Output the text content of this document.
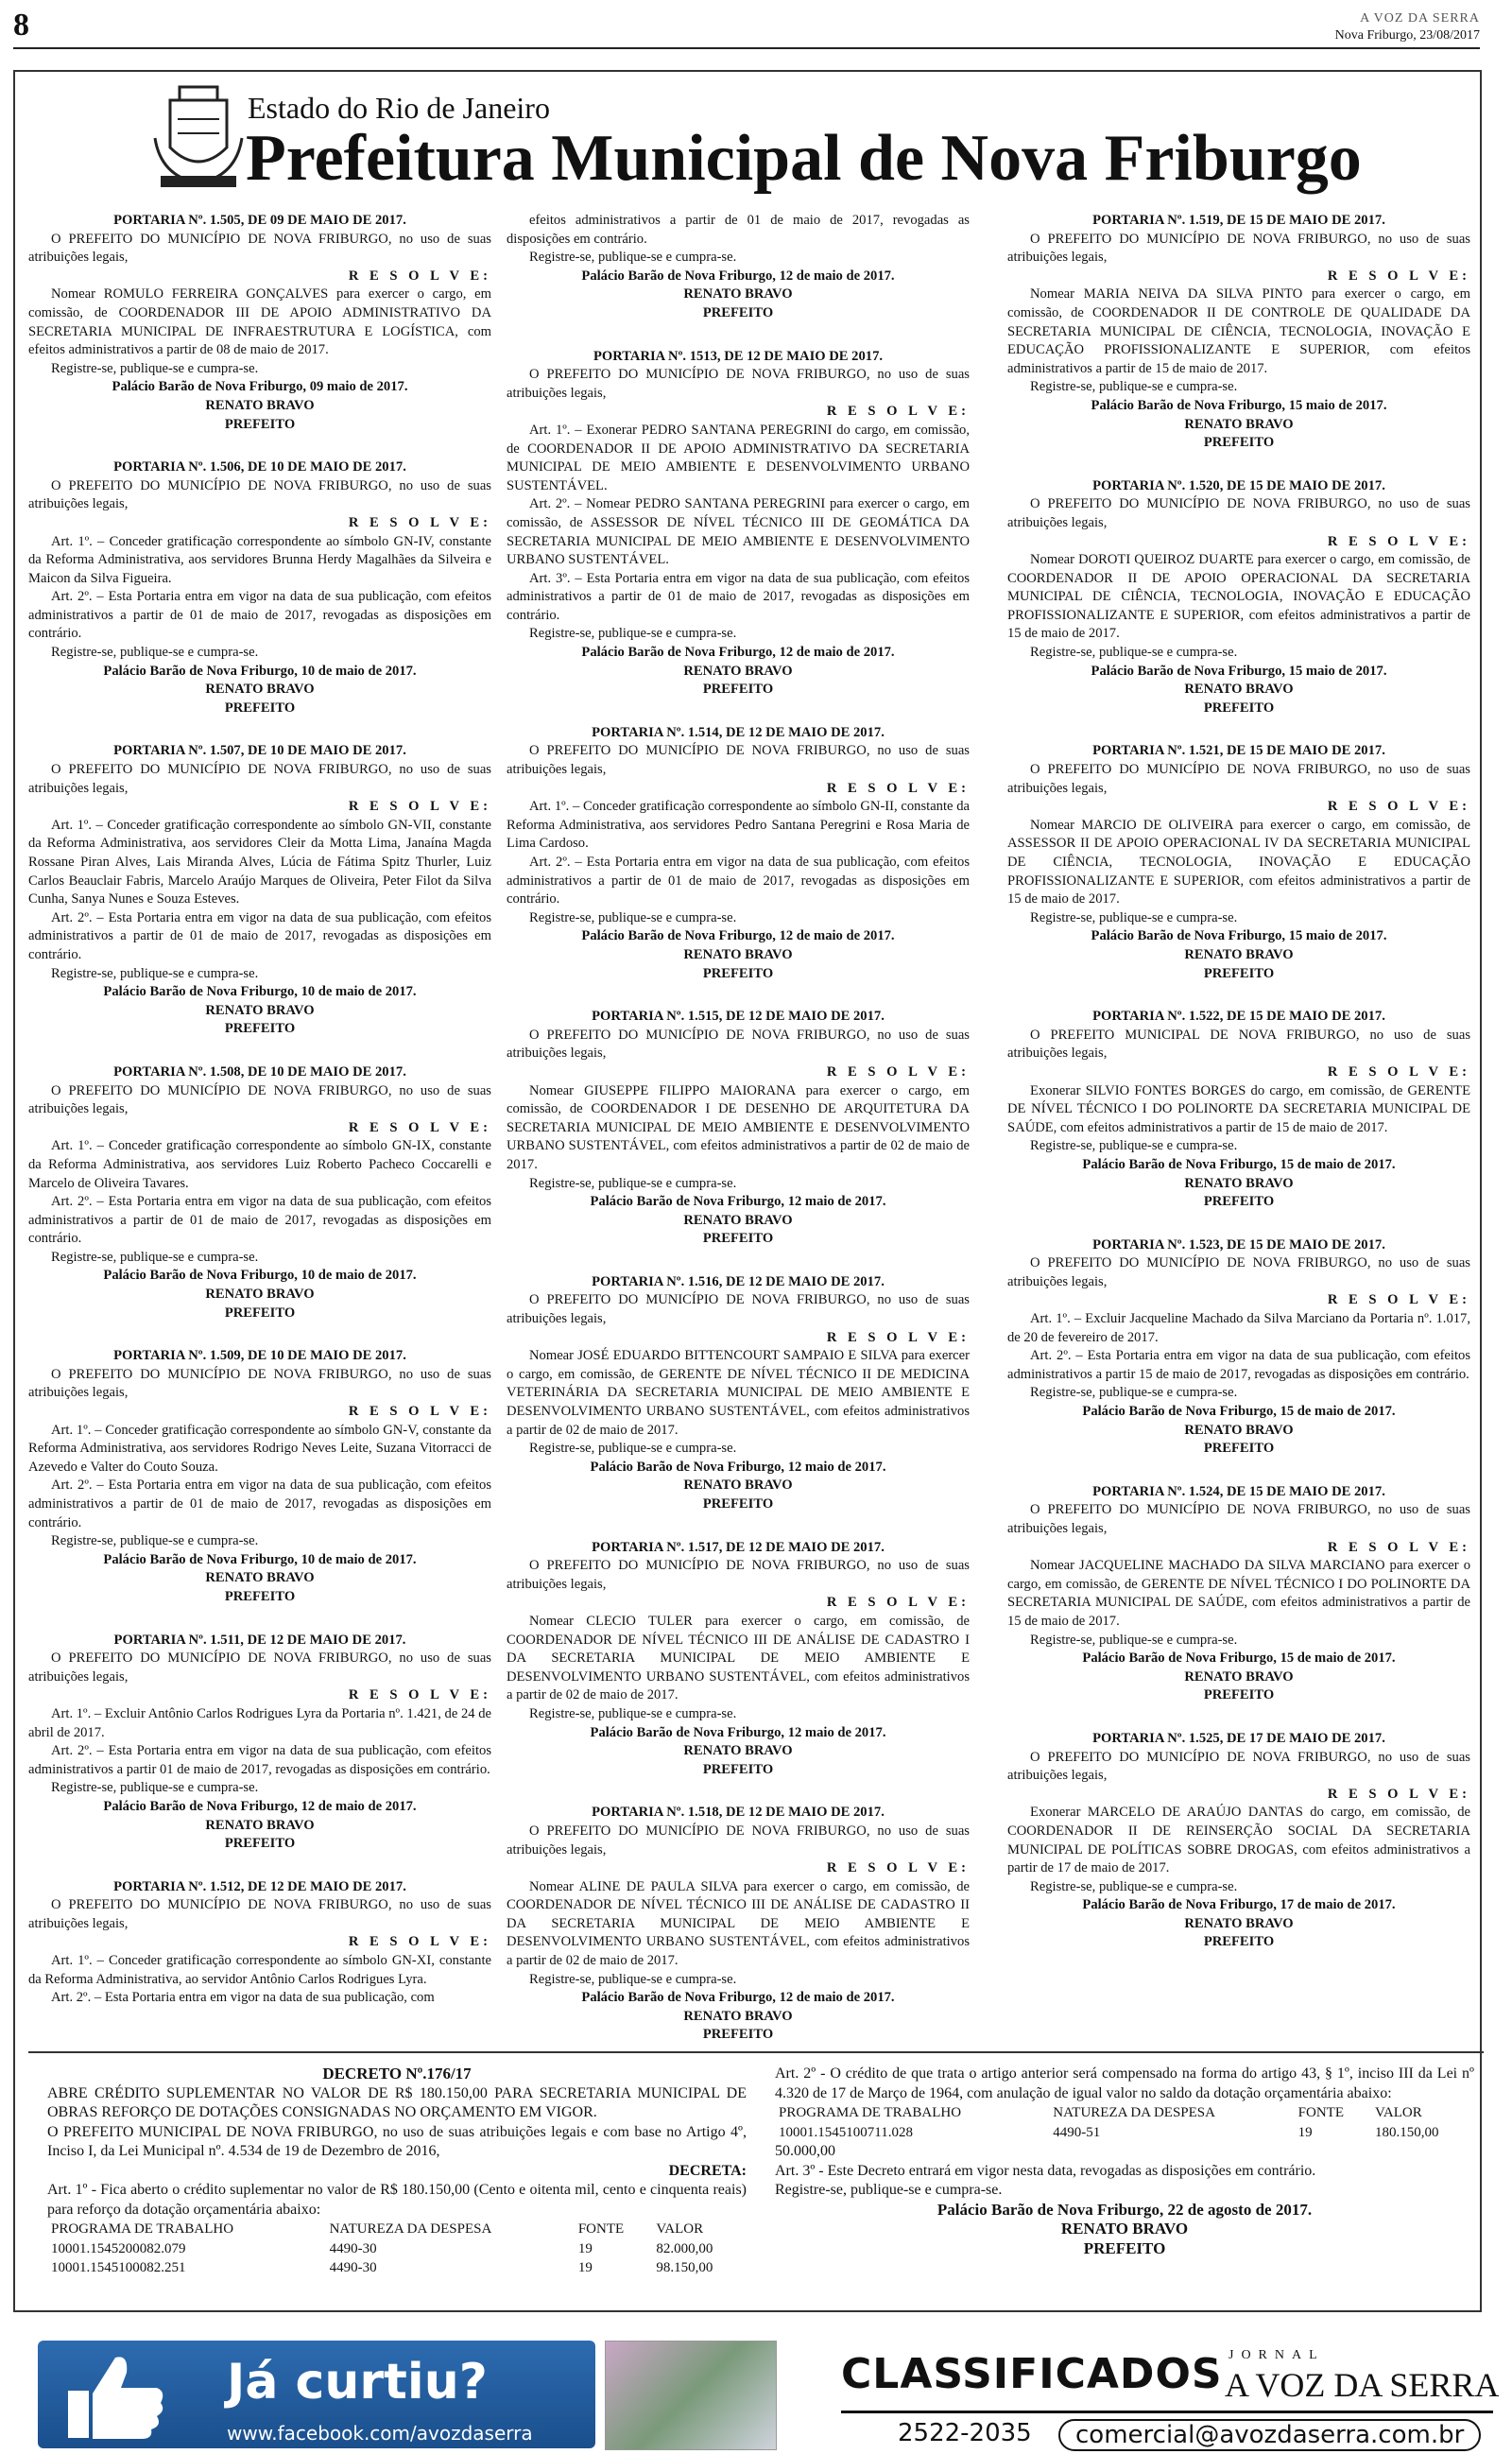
8	A VOZ DA SERRA
Nova Friburgo, 23/08/2017
Estado do Rio de Janeiro
Prefeitura Municipal de Nova Friburgo
PORTARIA Nº. 1.505, DE 09 DE MAIO DE 2017.

O PREFEITO DO MUNICÍPIO DE NOVA FRIBURGO, no uso de suas atribuições legais,

R E S O L V E:

Nomear ROMULO FERREIRA GONÇALVES para exercer o cargo, em comissão, de COORDENADOR III DE APOIO ADMINISTRATIVO DA SECRETARIA MUNICIPAL DE INFRAESTRUTURA E LOGÍSTICA, com efeitos administrativos a partir de 08 de maio de 2017.

Registre-se, publique-se e cumpra-se.

Palácio Barão de Nova Friburgo, 09 maio de 2017.
RENATO BRAVO
PREFEITO
PORTARIA Nº. 1.506, DE 10 DE MAIO DE 2017.

O PREFEITO DO MUNICÍPIO DE NOVA FRIBURGO, no uso de suas atribuições legais,

R E S O L V E:

Art. 1º. – Conceder gratificação correspondente ao símbolo GN-IV, constante da Reforma Administrativa, aos servidores Brunna Herdy Magalhães da Silveira e Maicon da Silva Figueira.

Art. 2º. – Esta Portaria entra em vigor na data de sua publicação, com efeitos administrativos a partir de 01 de maio de 2017, revogadas as disposições em contrário.

Registre-se, publique-se e cumpra-se.

Palácio Barão de Nova Friburgo, 10 de maio de 2017.
RENATO BRAVO
PREFEITO
PORTARIA Nº. 1.507, DE 10 DE MAIO DE 2017.

O PREFEITO DO MUNICÍPIO DE NOVA FRIBURGO, no uso de suas atribuições legais,

R E S O L V E:

Art. 1º. – Conceder gratificação correspondente ao símbolo GN-VII, constante da Reforma Administrativa, aos servidores Cleir da Motta Lima, Janaína Magda Rossane Piran Alves, Lais Miranda Alves, Lúcia de Fátima Spitz Thurler, Luiz Carlos Beauclair Fabris, Marcelo Araújo Marques de Oliveira, Peter Filot da Silva Cunha, Sanya Nunes e Souza Esteves.

Art. 2º. – Esta Portaria entra em vigor na data de sua publicação, com efeitos administrativos a partir de 01 de maio de 2017, revogadas as disposições em contrário.

Registre-se, publique-se e cumpra-se.

Palácio Barão de Nova Friburgo, 10 de maio de 2017.
RENATO BRAVO
PREFEITO
PORTARIA Nº. 1.508, DE 10 DE MAIO DE 2017.

O PREFEITO DO MUNICÍPIO DE NOVA FRIBURGO, no uso de suas atribuições legais,

R E S O L V E:

Art. 1º. – Conceder gratificação correspondente ao símbolo GN-IX, constante da Reforma Administrativa, aos servidores Luiz Roberto Pacheco Coccarelli e Marcelo de Oliveira Tavares.

Art. 2º. – Esta Portaria entra em vigor na data de sua publicação, com efeitos administrativos a partir de 01 de maio de 2017, revogadas as disposições em contrário.

Registre-se, publique-se e cumpra-se.

Palácio Barão de Nova Friburgo, 10 de maio de 2017.
RENATO BRAVO
PREFEITO
PORTARIA Nº. 1.509, DE 10 DE MAIO DE 2017.

O PREFEITO DO MUNICÍPIO DE NOVA FRIBURGO, no uso de suas atribuições legais,

R E S O L V E:

Art. 1º. – Conceder gratificação correspondente ao símbolo GN-V, constante da Reforma Administrativa, aos servidores Rodrigo Neves Leite, Suzana Vitorracci de Azevedo e Valter do Couto Souza.

Art. 2º. – Esta Portaria entra em vigor na data de sua publicação, com efeitos administrativos a partir de 01 de maio de 2017, revogadas as disposições em contrário.

Registre-se, publique-se e cumpra-se.

Palácio Barão de Nova Friburgo, 10 de maio de 2017.
RENATO BRAVO
PREFEITO
PORTARIA Nº. 1.511, DE 12 DE MAIO DE 2017.

O PREFEITO DO MUNICÍPIO DE NOVA FRIBURGO, no uso de suas atribuições legais,

R E S O L V E:

Art. 1º. – Excluir Antônio Carlos Rodrigues Lyra da Portaria nº. 1.421, de 24 de abril de 2017.

Art. 2º. – Esta Portaria entra em vigor na data de sua publicação, com efeitos administrativos a partir 01 de maio de 2017, revogadas as disposições em contrário.

Registre-se, publique-se e cumpra-se.

Palácio Barão de Nova Friburgo, 12 de maio de 2017.
RENATO BRAVO
PREFEITO
PORTARIA Nº. 1.512, DE 12 DE MAIO DE 2017.

O PREFEITO DO MUNICÍPIO DE NOVA FRIBURGO, no uso de suas atribuições legais,

R E S O L V E:

Art. 1º. – Conceder gratificação correspondente ao símbolo GN-XI, constante da Reforma Administrativa, ao servidor Antônio Carlos Rodrigues Lyra.

Art. 2º. – Esta Portaria entra em vigor na data de sua publicação, com

efeitos administrativos a partir de 01 de maio de 2017, revogadas as disposições em contrário.

Registre-se, publique-se e cumpra-se.

Palácio Barão de Nova Friburgo, 12 de maio de 2017.
RENATO BRAVO
PREFEITO
PORTARIA Nº. 1513, DE 12 DE MAIO DE 2017.

O PREFEITO DO MUNICÍPIO DE NOVA FRIBURGO, no uso de suas atribuições legais,

R E S O L V E:

Art. 1º. – Exonerar PEDRO SANTANA PEREGRINI do cargo, em comissão, de COORDENADOR II DE APOIO ADMINISTRATIVO DA SECRETARIA MUNICIPAL DE MEIO AMBIENTE E DESENVOLVIMENTO URBANO SUSTENTÁVEL.

Art. 2º. – Nomear PEDRO SANTANA PEREGRINI para exercer o cargo, em comissão, de ASSESSOR DE NÍVEL TÉCNICO III DE GEOMÁTICA DA SECRETARIA MUNICIPAL DE MEIO AMBIENTE E DESENVOLVIMENTO URBANO SUSTENTÁVEL.

Art. 3º. – Esta Portaria entra em vigor na data de sua publicação, com efeitos administrativos a partir de 01 de maio de 2017, revogadas as disposições em contrário.

Registre-se, publique-se e cumpra-se.

Palácio Barão de Nova Friburgo, 12 de maio de 2017.
RENATO BRAVO
PREFEITO
PORTARIA Nº. 1.514, DE 12 DE MAIO DE 2017.

O PREFEITO DO MUNICÍPIO DE NOVA FRIBURGO, no uso de suas atribuições legais,

R E S O L V E:

Art. 1º. – Conceder gratificação correspondente ao símbolo GN-II, constante da Reforma Administrativa, aos servidores Pedro Santana Peregrini e Rosa Maria de Lima Cardoso.

Art. 2º. – Esta Portaria entra em vigor na data de sua publicação, com efeitos administrativos a partir de 01 de maio de 2017, revogadas as disposições em contrário.

Registre-se, publique-se e cumpra-se.

Palácio Barão de Nova Friburgo, 12 de maio de 2017.
RENATO BRAVO
PREFEITO
PORTARIA Nº. 1.515, DE 12 DE MAIO DE 2017.

O PREFEITO DO MUNICÍPIO DE NOVA FRIBURGO, no uso de suas atribuições legais,

R E S O L V E:

Nomear GIUSEPPE FILIPPO MAIORANA para exercer o cargo, em comissão, de COORDENADOR I DE DESENHO DE ARQUITETURA DA SECRETARIA MUNICIPAL DE MEIO AMBIENTE E DESENVOLVIMENTO URBANO SUSTENTÁVEL, com efeitos administrativos a partir de 02 de maio de 2017.

Registre-se, publique-se e cumpra-se.

Palácio Barão de Nova Friburgo, 12 maio de 2017.
RENATO BRAVO
PREFEITO
PORTARIA Nº. 1.516, DE 12 DE MAIO DE 2017.

O PREFEITO DO MUNICÍPIO DE NOVA FRIBURGO, no uso de suas atribuições legais,

R E S O L V E:

Nomear JOSÉ EDUARDO BITTENCOURT SAMPAIO E SILVA para exercer o cargo, em comissão, de GERENTE DE NÍVEL TÉCNICO II DE MEDICINA VETERINÁRIA DA SECRETARIA MUNICIPAL DE MEIO AMBIENTE E DESENVOLVIMENTO URBANO SUSTENTÁVEL, com efeitos administrativos a partir de 02 de maio de 2017.

Registre-se, publique-se e cumpra-se.

Palácio Barão de Nova Friburgo, 12 maio de 2017.
RENATO BRAVO
PREFEITO
PORTARIA Nº. 1.517, DE 12 DE MAIO DE 2017.

O PREFEITO DO MUNICÍPIO DE NOVA FRIBURGO, no uso de suas atribuições legais,

R E S O L V E:

Nomear CLECIO TULER para exercer o cargo, em comissão, de COORDENADOR DE NÍVEL TÉCNICO III DE ANÁLISE DE CADASTRO I DA SECRETARIA MUNICIPAL DE MEIO AMBIENTE E DESENVOLVIMENTO URBANO SUSTENTÁVEL, com efeitos administrativos a partir de 02 de maio de 2017.

Registre-se, publique-se e cumpra-se.

Palácio Barão de Nova Friburgo, 12 maio de 2017.
RENATO BRAVO
PREFEITO
PORTARIA Nº. 1.518, DE 12 DE MAIO DE 2017.

O PREFEITO DO MUNICÍPIO DE NOVA FRIBURGO, no uso de suas atribuições legais,

R E S O L V E:

Nomear ALINE DE PAULA SILVA para exercer o cargo, em comissão, de COORDENADOR DE NÍVEL TÉCNICO III DE ANÁLISE DE CADASTRO II DA SECRETARIA MUNICIPAL DE MEIO AMBIENTE E DESENVOLVIMENTO URBANO SUSTENTÁVEL, com efeitos administrativos a partir de 02 de maio de 2017.

Registre-se, publique-se e cumpra-se.

Palácio Barão de Nova Friburgo, 12 de maio de 2017.
RENATO BRAVO
PREFEITO
PORTARIA Nº. 1.519, DE 15 DE MAIO DE 2017.

O PREFEITO DO MUNICÍPIO DE NOVA FRIBURGO, no uso de suas atribuições legais,

R E S O L V E:

Nomear MARIA NEIVA DA SILVA PINTO para exercer o cargo, em comissão, de COORDENADOR II DE CONTROLE DE QUALIDADE DA SECRETARIA MUNICIPAL DE CIÊNCIA, TECNOLOGIA, INOVAÇÃO E EDUCAÇÃO PROFISSIONALIZANTE E SUPERIOR, com efeitos administrativos a partir de 15 de maio de 2017.

Registre-se, publique-se e cumpra-se.

Palácio Barão de Nova Friburgo, 15 maio de 2017.
RENATO BRAVO
PREFEITO
PORTARIA Nº. 1.520, DE 15 DE MAIO DE 2017.

O PREFEITO DO MUNICÍPIO DE NOVA FRIBURGO, no uso de suas atribuições legais,

R E S O L V E:

Nomear DOROTI QUEIROZ DUARTE para exercer o cargo, em comissão, de COORDENADOR II DE APOIO OPERACIONAL DA SECRETARIA MUNICIPAL DE CIÊNCIA, TECNOLOGIA, INOVAÇÃO E EDUCAÇÃO PROFISSIONALIZANTE E SUPERIOR, com efeitos administrativos a partir de 15 de maio de 2017.

Registre-se, publique-se e cumpra-se.

Palácio Barão de Nova Friburgo, 15 maio de 2017.
RENATO BRAVO
PREFEITO
PORTARIA Nº. 1.521, DE 15 DE MAIO DE 2017.

O PREFEITO DO MUNICÍPIO DE NOVA FRIBURGO, no uso de suas atribuições legais,

R E S O L V E:

Nomear MARCIO DE OLIVEIRA para exercer o cargo, em comissão, de ASSESSOR II DE APOIO OPERACIONAL IV DA SECRETARIA MUNICIPAL DE CIÊNCIA, TECNOLOGIA, INOVAÇÃO E EDUCAÇÃO PROFISSIONALIZANTE E SUPERIOR, com efeitos administrativos a partir de 15 de maio de 2017.

Registre-se, publique-se e cumpra-se.

Palácio Barão de Nova Friburgo, 15 maio de 2017.
RENATO BRAVO
PREFEITO
PORTARIA Nº. 1.522, DE 15 DE MAIO DE 2017.

O PREFEITO MUNICIPAL DE NOVA FRIBURGO, no uso de suas atribuições legais,

R E S O L V E:

Exonerar SILVIO FONTES BORGES do cargo, em comissão, de GERENTE DE NÍVEL TÉCNICO I DO POLINORTE DA SECRETARIA MUNICIPAL DE SAÚDE, com efeitos administrativos a partir de 15 de maio de 2017.

Registre-se, publique-se e cumpra-se.

Palácio Barão de Nova Friburgo, 15 de maio de 2017.
RENATO BRAVO
PREFEITO
PORTARIA Nº. 1.523, DE 15 DE MAIO DE 2017.

O PREFEITO DO MUNICÍPIO DE NOVA FRIBURGO, no uso de suas atribuições legais,

R E S O L V E:

Art. 1º. – Excluir Jacqueline Machado da Silva Marciano da Portaria nº. 1.017, de 20 de fevereiro de 2017.

Art. 2º. – Esta Portaria entra em vigor na data de sua publicação, com efeitos administrativos a partir 15 de maio de 2017, revogadas as disposições em contrário.

Registre-se, publique-se e cumpra-se.

Palácio Barão de Nova Friburgo, 15 de maio de 2017.
RENATO BRAVO
PREFEITO
PORTARIA Nº. 1.524, DE 15 DE MAIO DE 2017.

O PREFEITO DO MUNICÍPIO DE NOVA FRIBURGO, no uso de suas atribuições legais,

R E S O L V E:

Nomear JACQUELINE MACHADO DA SILVA MARCIANO para exercer o cargo, em comissão, de GERENTE DE NÍVEL TÉCNICO I DO POLINORTE DA SECRETARIA MUNICIPAL DE SAÚDE, com efeitos administrativos a partir de 15 de maio de 2017.

Registre-se, publique-se e cumpra-se.

Palácio Barão de Nova Friburgo, 15 de maio de 2017.
RENATO BRAVO
PREFEITO
PORTARIA Nº. 1.525, DE 17 DE MAIO DE 2017.

O PREFEITO DO MUNICÍPIO DE NOVA FRIBURGO, no uso de suas atribuições legais,

R E S O L V E:

Exonerar MARCELO DE ARAÚJO DANTAS do cargo, em comissão, de COORDENADOR II DE REINSERÇÃO SOCIAL DA SECRETARIA MUNICIPAL DE POLÍTICAS SOBRE DROGAS, com efeitos administrativos a partir de 17 de maio de 2017.

Registre-se, publique-se e cumpra-se.

Palácio Barão de Nova Friburgo, 17 de maio de 2017.
RENATO BRAVO
PREFEITO
DECRETO Nº.176/17

ABRE CRÉDITO SUPLEMENTAR NO VALOR DE R$ 180.150,00 PARA SECRETARIA MUNICIPAL DE OBRAS REFORÇO DE DOTAÇÕES CONSIGNADAS NO ORÇAMENTO EM VIGOR.

O PREFEITO MUNICIPAL DE NOVA FRIBURGO, no uso de suas atribuições legais e com base no Artigo 4º, Inciso I, da Lei Municipal nº. 4.534 de 19 de Dezembro de 2016,

DECRETA:

Art. 1º - Fica aberto o crédito suplementar no valor de R$ 180.150,00 (Cento e oitenta mil, cento e cinquenta reais) para reforço da dotação orçamentária abaixo:

PROGRAMA DE TRABALHO	NATUREZA DA DESPESA	FONTE	VALOR
10001.1545200082.079	4490-30	19	82.000,00
10001.1545100082.251	4490-30	19	98.150,00

Art. 2º - O crédito de que trata o artigo anterior será compensado na forma do artigo 43, § 1º, inciso III da Lei nº 4.320 de 17 de Março de 1964, com anulação de igual valor no saldo da dotação orçamentária abaixo:

PROGRAMA DE TRABALHO	NATUREZA DA DESPESA	FONTE	VALOR
10001.1545100711.028	4490-51	19	180.150,00
50.000,00

Art. 3º - Este Decreto entrará em vigor nesta data, revogadas as disposições em contrário.

Registre-se, publique-se e cumpra-se.

Palácio Barão de Nova Friburgo, 22 de agosto de 2017.
RENATO BRAVO
PREFEITO
Já curtiu?
www.facebook.com/avozdaserra
CLASSIFICADOS JORNAL
A VOZ DA SERRA
2522-2035	comercial@avozdaserra.com.br
